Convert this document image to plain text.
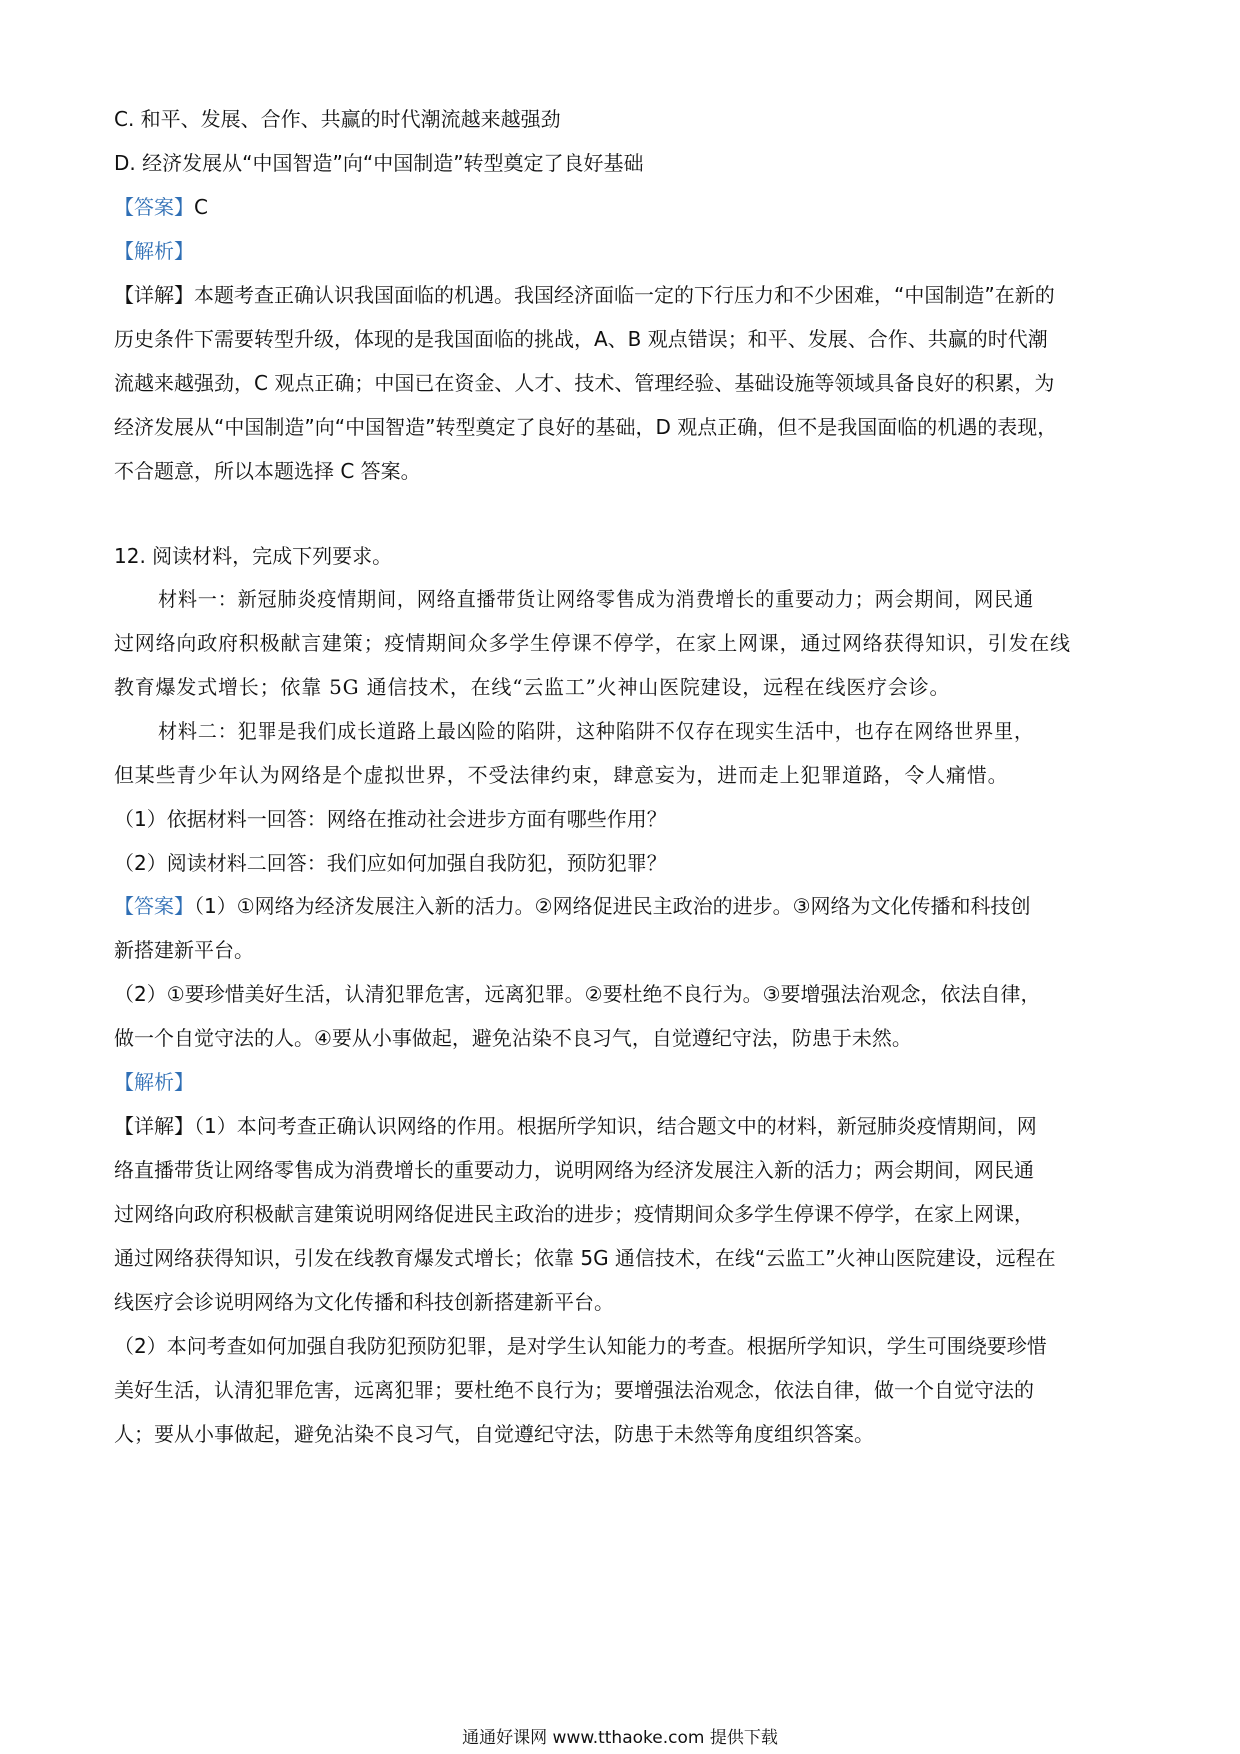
C. 和平、发展、合作、共赢的时代潮流越来越强劲
D. 经济发展从“中国智造”向“中国制造”转型奠定了良好基础
【答案】C
【解析】
【详解】本题考查正确认识我国面临的机遇。我国经济面临一定的下行压力和不少困难，“中国制造”在新的
历史条件下需要转型升级，体现的是我国面临的挑战，A、B 观点错误；和平、发展、合作、共赢的时代潮
流越来越强劲，C 观点正确；中国已在资金、人才、技术、管理经验、基础设施等领域具备良好的积累，为
经济发展从“中国制造”向“中国智造”转型奠定了良好的基础，D 观点正确，但不是我国面临的机遇的表现，
不合题意，所以本题选择 C 答案。
12. 阅读材料，完成下列要求。
材料一：新冠肺炎疫情期间，网络直播带货让网络零售成为消费增长的重要动力；两会期间，网民通
过网络向政府积极献言建策；疫情期间众多学生停课不停学，在家上网课，通过网络获得知识，引发在线
教育爆发式增长；依靠 5G 通信技术，在线“云监工”火神山医院建设，远程在线医疗会诊。
材料二：犯罪是我们成长道路上最凶险的陷阱，这种陷阱不仅存在现实生活中，也存在网络世界里，
但某些青少年认为网络是个虚拟世界，不受法律约束，肆意妄为，进而走上犯罪道路，令人痛惜。
（1）依据材料一回答：网络在推动社会进步方面有哪些作用？
（2）阅读材料二回答：我们应如何加强自我防犯，预防犯罪？
【答案】（1）①网络为经济发展注入新的活力。②网络促进民主政治的进步。③网络为文化传播和科技创
新搭建新平台。
（2）①要珍惜美好生活，认清犯罪危害，远离犯罪。②要杜绝不良行为。③要增强法治观念，依法自律，
做一个自觉守法的人。④要从小事做起，避免沾染不良习气，自觉遵纪守法，防患于未然。
【解析】
【详解】（1）本问考查正确认识网络的作用。根据所学知识，结合题文中的材料，新冠肺炎疫情期间，网
络直播带货让网络零售成为消费增长的重要动力，说明网络为经济发展注入新的活力；两会期间，网民通
过网络向政府积极献言建策说明网络促进民主政治的进步；疫情期间众多学生停课不停学，在家上网课，
通过网络获得知识，引发在线教育爆发式增长；依靠 5G 通信技术，在线“云监工”火神山医院建设，远程在
线医疗会诊说明网络为文化传播和科技创新搭建新平台。
（2）本问考查如何加强自我防犯预防犯罪，是对学生认知能力的考查。根据所学知识，学生可围绕要珍惜
美好生活，认清犯罪危害，远离犯罪；要杜绝不良行为；要增强法治观念，依法自律，做一个自觉守法的
人；要从小事做起，避免沾染不良习气，自觉遵纪守法，防患于未然等角度组织答案。
通通好课网 www.tthaoke.com 提供下载
